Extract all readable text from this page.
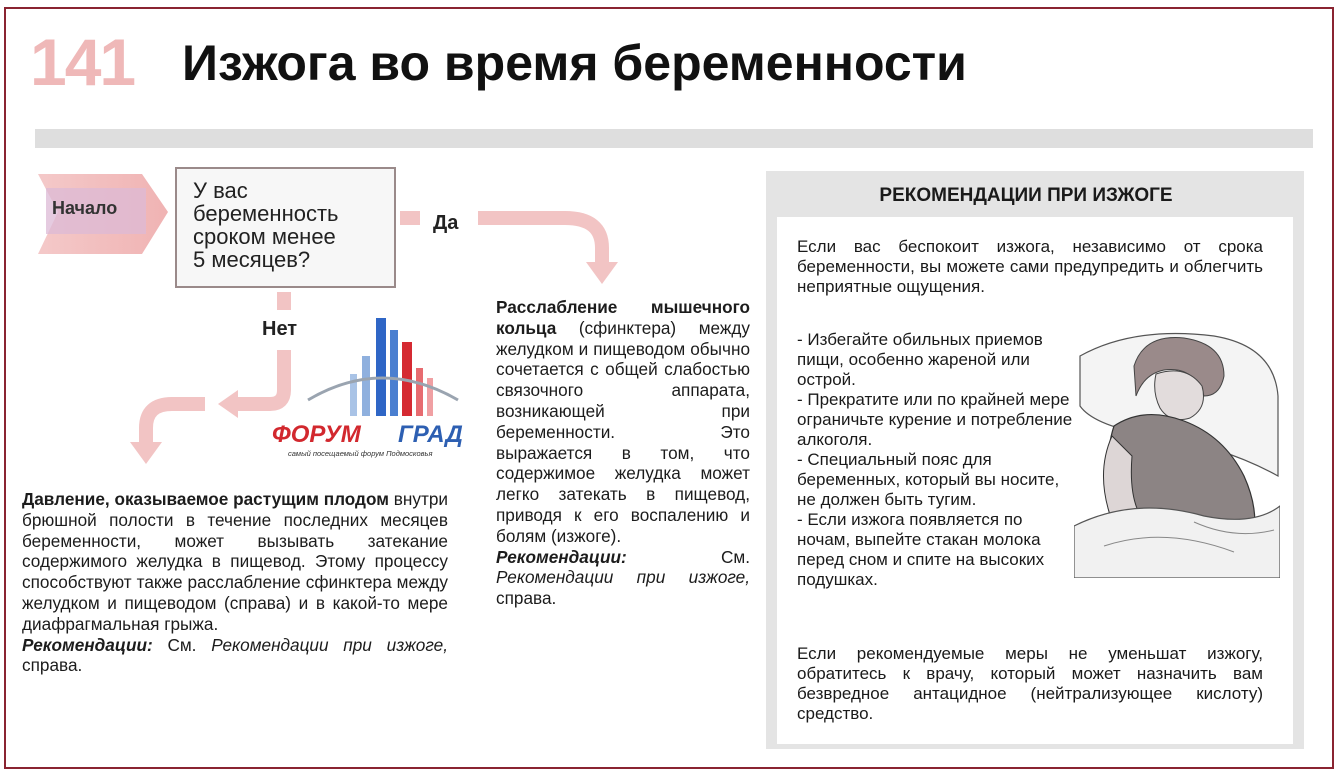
141 Изжога во время беременности
Начало
У вас
беременность
сроком менее
5 месяцев?
Да
Нет
ФОРУМ ГРАД
самый посещаемый форум Подмосковья

Расслабление мышечного кольца (сфинктера) между желудком и пищеводом обычно сочетается с общей слабостью связочного аппарата, возникающей при беременности. Это выражается в том, что содержимое желудка может легко затекать в пищевод, приводя к его воспалению и болям (изжоге).

Рекомендации:	См. Рекомендации при изжоге, справа.

Давление, оказываемое растущим плодом внутри брюшной полости в течение последних месяцев беременности, может вызывать затекание содержимого желудка в пищевод. Этому процессу способствуют также расслабление сфинктера между желудком и пищеводом (справа) и в какой-то мере диафрагмальная грыжа.

Рекомендации: См. Рекомендации при изжоге, справа.

РЕКОМЕНДАЦИИ ПРИ ИЗЖОГЕ

Если вас беспокоит изжога, независимо от срока беременности, вы можете сами предупредить и облегчить неприятные ощущения.

- Избегайте обильных приемов пищи, особенно жареной или острой.

- Прекратите или по крайней мере ограничьте курение и потребление алкоголя.

- Специальный пояс для беременных, который вы носите, не должен быть тугим.

- Если изжога появляется по ночам, выпейте стакан молока перед сном и спите на высоких подушках.

Если рекомендуемые меры не уменьшат изжогу, обратитесь к врачу, который может назначить вам безвредное антацидное (нейтрализующее кислоту) средство.
